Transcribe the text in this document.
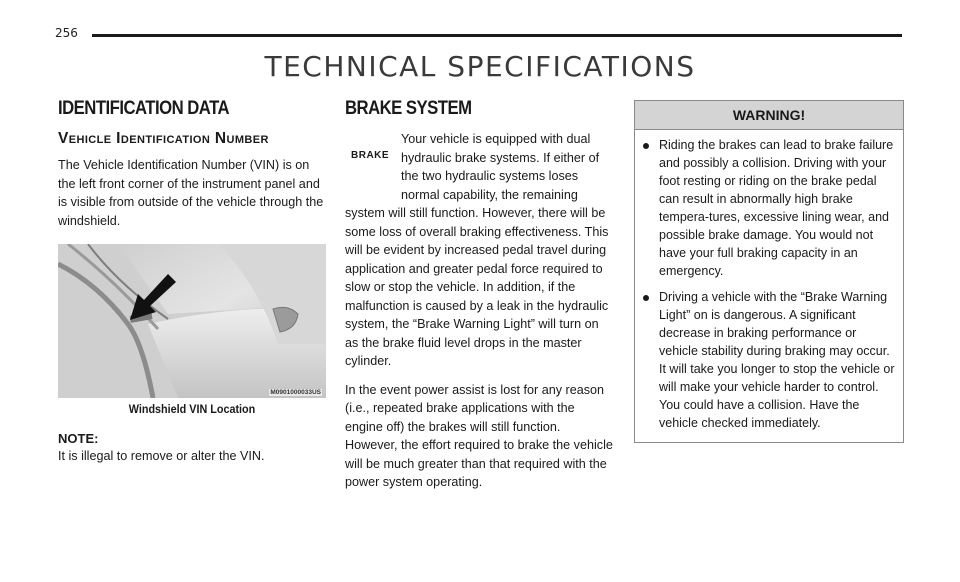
256
TECHNICAL SPECIFICATIONS
IDENTIFICATION DATA
Vehicle Identification Number

The Vehicle Identification Number (VIN) is on the left front corner of the instrument panel and is visible from outside of the vehicle through the windshield.

M0901000033US
Windshield VIN Location
NOTE:

It is illegal to remove or alter the VIN.

BRAKE SYSTEM
BRAKE

Your vehicle is equipped with dual hydraulic brake systems. If either of the two hydraulic systems loses normal capability, the remaining

system will still function. However, there will be some loss of overall braking effectiveness. This will be evident by increased pedal travel during application and greater pedal force required to slow or stop the vehicle. In addition, if the malfunction is caused by a leak in the hydraulic system, the “Brake Warning Light” will turn on as the brake fluid level drops in the master cylinder.

In the event power assist is lost for any reason (i.e., repeated brake applications with the engine off) the brakes will still function. However, the effort required to brake the vehicle will be much greater than that required with the power system operating.

WARNING!

Riding the brakes can lead to brake failure and possibly a collision. Driving with your foot resting or riding on the brake pedal can result in abnormally high brake tempera-tures, excessive lining wear, and possible brake damage. You would not have your full braking capacity in an emergency.

Driving a vehicle with the “Brake Warning Light” on is dangerous. A significant decrease in braking performance or vehicle stability during braking may occur. It will take you longer to stop the vehicle or will make your vehicle harder to control. You could have a collision. Have the vehicle checked immediately.
